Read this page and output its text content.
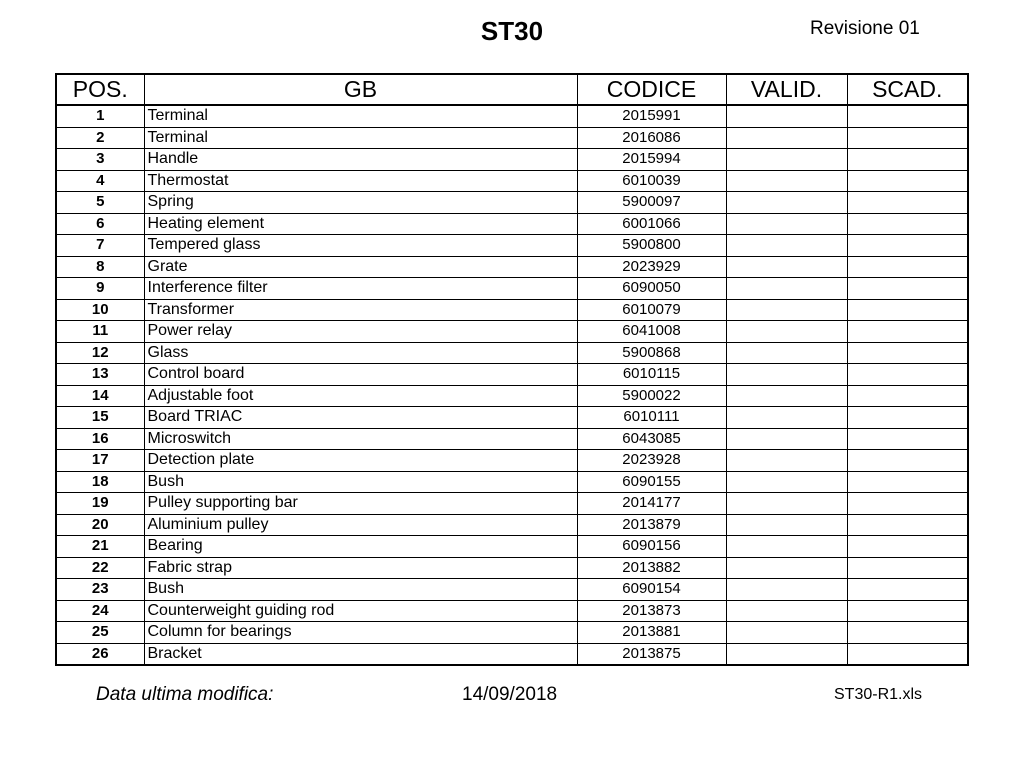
ST30	Revisione 01
POS.	GB	CODICE	VALID.	SCAD.
1	Terminal	2015991		
2	Terminal	2016086		
3	Handle	2015994		
4	Thermostat	6010039		
5	Spring	5900097		
6	Heating element	6001066		
7	Tempered glass	5900800		
8	Grate	2023929		
9	Interference filter	6090050		
10	Transformer	6010079		
11	Power relay	6041008		
12	Glass	5900868		
13	Control board	6010115		
14	Adjustable foot	5900022		
15	Board TRIAC	6010111		
16	Microswitch	6043085		
17	Detection plate	2023928		
18	Bush	6090155		
19	Pulley supporting bar	2014177		
20	Aluminium pulley	2013879		
21	Bearing	6090156		
22	Fabric strap	2013882		
23	Bush	6090154		
24	Counterweight guiding rod	2013873		
25	Column for bearings	2013881		
26	Bracket	2013875		
Data ultima modifica:	14/09/2018	ST30-R1.xls
